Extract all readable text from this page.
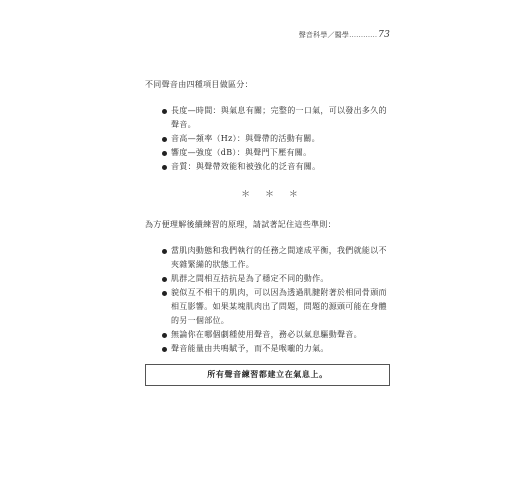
聲音科學／醫學…………73

不同聲音由四種項目做區分：

長度—時間：與氣息有關；完整的一口氣，可以發出多久的聲音。
音高—頻率（Hz）：與聲帶的活動有關。
響度—強度（dB）：與聲門下壓有關。
音質：與聲帶效能和被強化的泛音有關。
＊ ＊ ＊

為方便理解後續練習的原理，請試著記住這些準則：

當肌肉動態和我們執行的任務之間達成平衡，我們就能以不夾雜緊繃的狀態工作。
肌群之間相互拮抗是為了穩定不同的動作。
貌似互不相干的肌肉，可以因為透過肌腱附著於相同骨頭而相互影響。如果某塊肌肉出了問題，問題的源頭可能在身體的另一個部位。
無論你在哪個劇種使用聲音，務必以氣息驅動聲音。
聲音能量由共鳴賦予，而不是喉嚨的力氣。
所有聲音練習都建立在氣息上。
